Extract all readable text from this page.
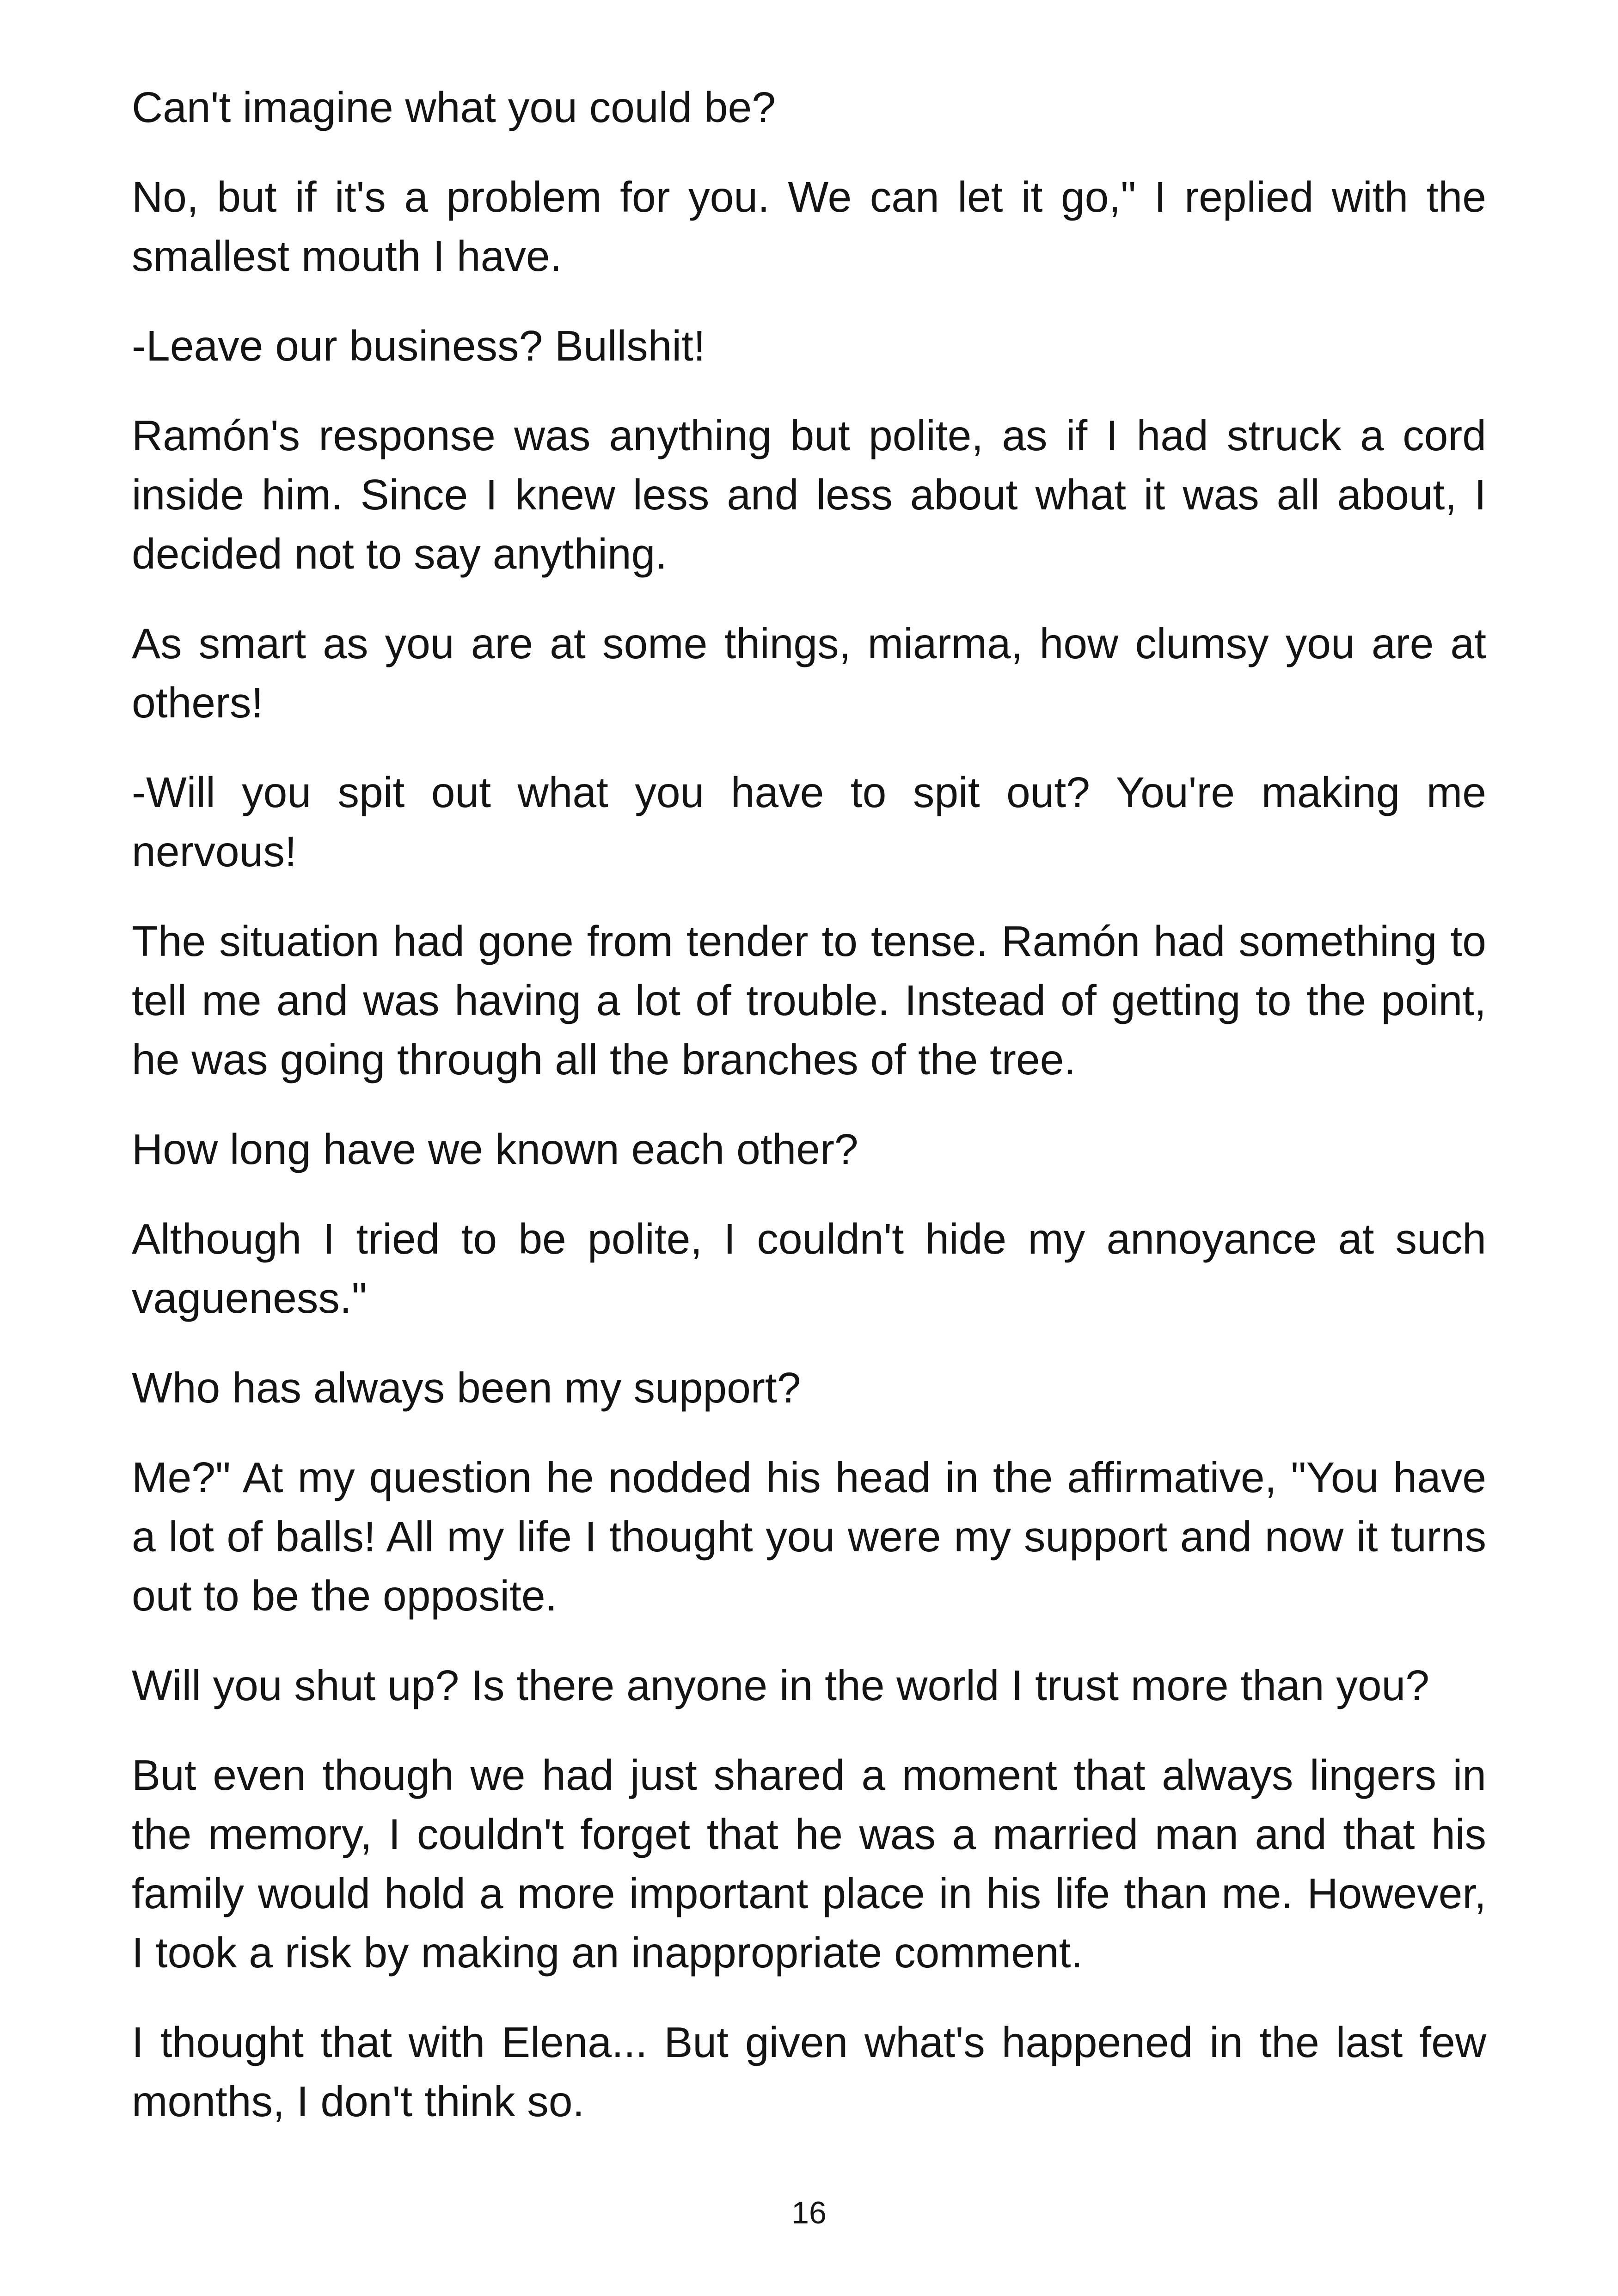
Can't imagine what you could be?

No, but if it's a problem for you. We can let it go," I replied with the smallest mouth I have.

-Leave our business? Bullshit!

Ramón's response was anything but polite, as if I had struck a cord inside him. Since I knew less and less about what it was all about, I decided not to say anything.

As smart as you are at some things, miarma, how clumsy you are at others!

-Will you spit out what you have to spit out? You're making me nervous!

The situation had gone from tender to tense. Ramón had something to tell me and was having a lot of trouble. Instead of getting to the point, he was going through all the branches of the tree.

How long have we known each other?

Although I tried to be polite, I couldn't hide my annoyance at such vagueness."

Who has always been my support?

Me?" At my question he nodded his head in the affirmative, "You have a lot of balls! All my life I thought you were my support and now it turns out to be the opposite.

Will you shut up? Is there anyone in the world I trust more than you?

But even though we had just shared a moment that always lingers in the memory, I couldn't forget that he was a married man and that his family would hold a more important place in his life than me. However, I took a risk by making an inappropriate comment.

I thought that with Elena... But given what's happened in the last few months, I don't think so.

16
